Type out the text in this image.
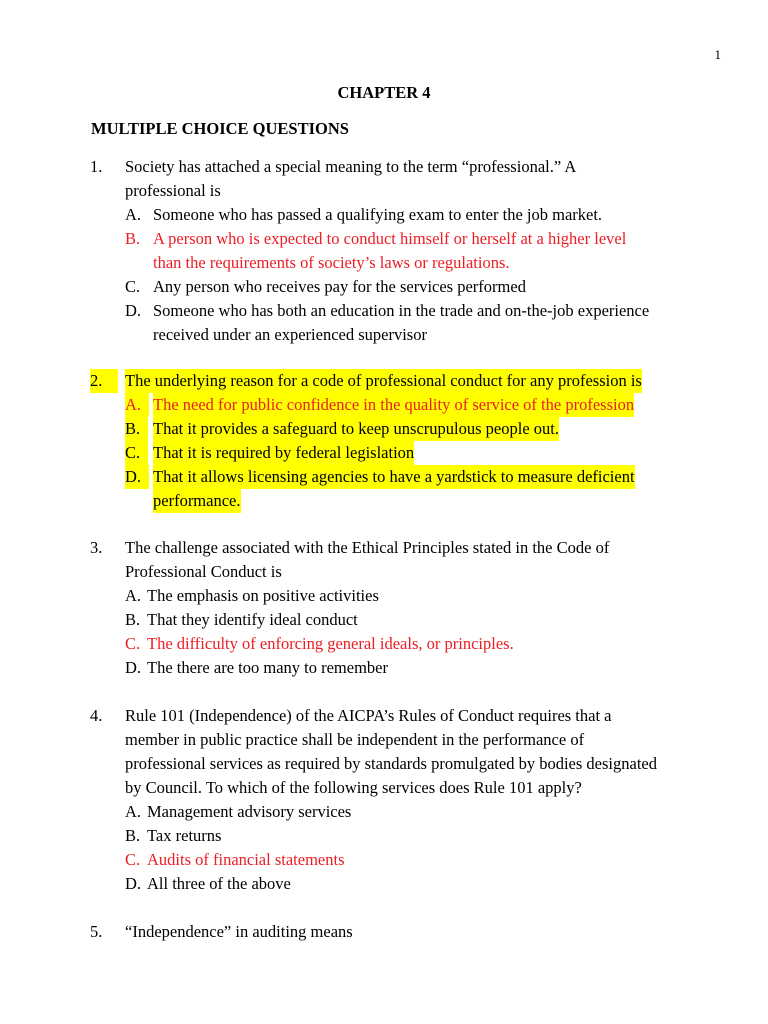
1
CHAPTER 4
MULTIPLE CHOICE QUESTIONS
1. Society has attached a special meaning to the term “professional.” A
professional is
A. Someone who has passed a qualifying exam to enter the job market.
B. A person who is expected to conduct himself or herself at a higher level
than the requirements of society’s laws or regulations.
C. Any person who receives pay for the services performed
D. Someone who has both an education in the trade and on-the-job experience
received under an experienced supervisor
2.	The underlying reason for a code of professional conduct for any profession is
A. The need for public confidence in the quality of service of the profession
B. That it provides a safeguard to keep unscrupulous people out.
C. That it is required by federal legislation
D. That it allows licensing agencies to have a yardstick to measure deficient
performance.
3. The challenge associated with the Ethical Principles stated in the Code of
Professional Conduct is
A. The emphasis on positive activities
B. That they identify ideal conduct
C. The difficulty of enforcing general ideals, or principles.
D. The there are too many to remember
4. Rule 101 (Independence) of the AICPA’s Rules of Conduct requires that a
member in public practice shall be independent in the performance of
professional services as required by standards promulgated by bodies designated
by Council. To which of the following services does Rule 101 apply?
A. Management advisory services
B. Tax returns
C. Audits of financial statements
D. All three of the above
5. “Independence” in auditing means
